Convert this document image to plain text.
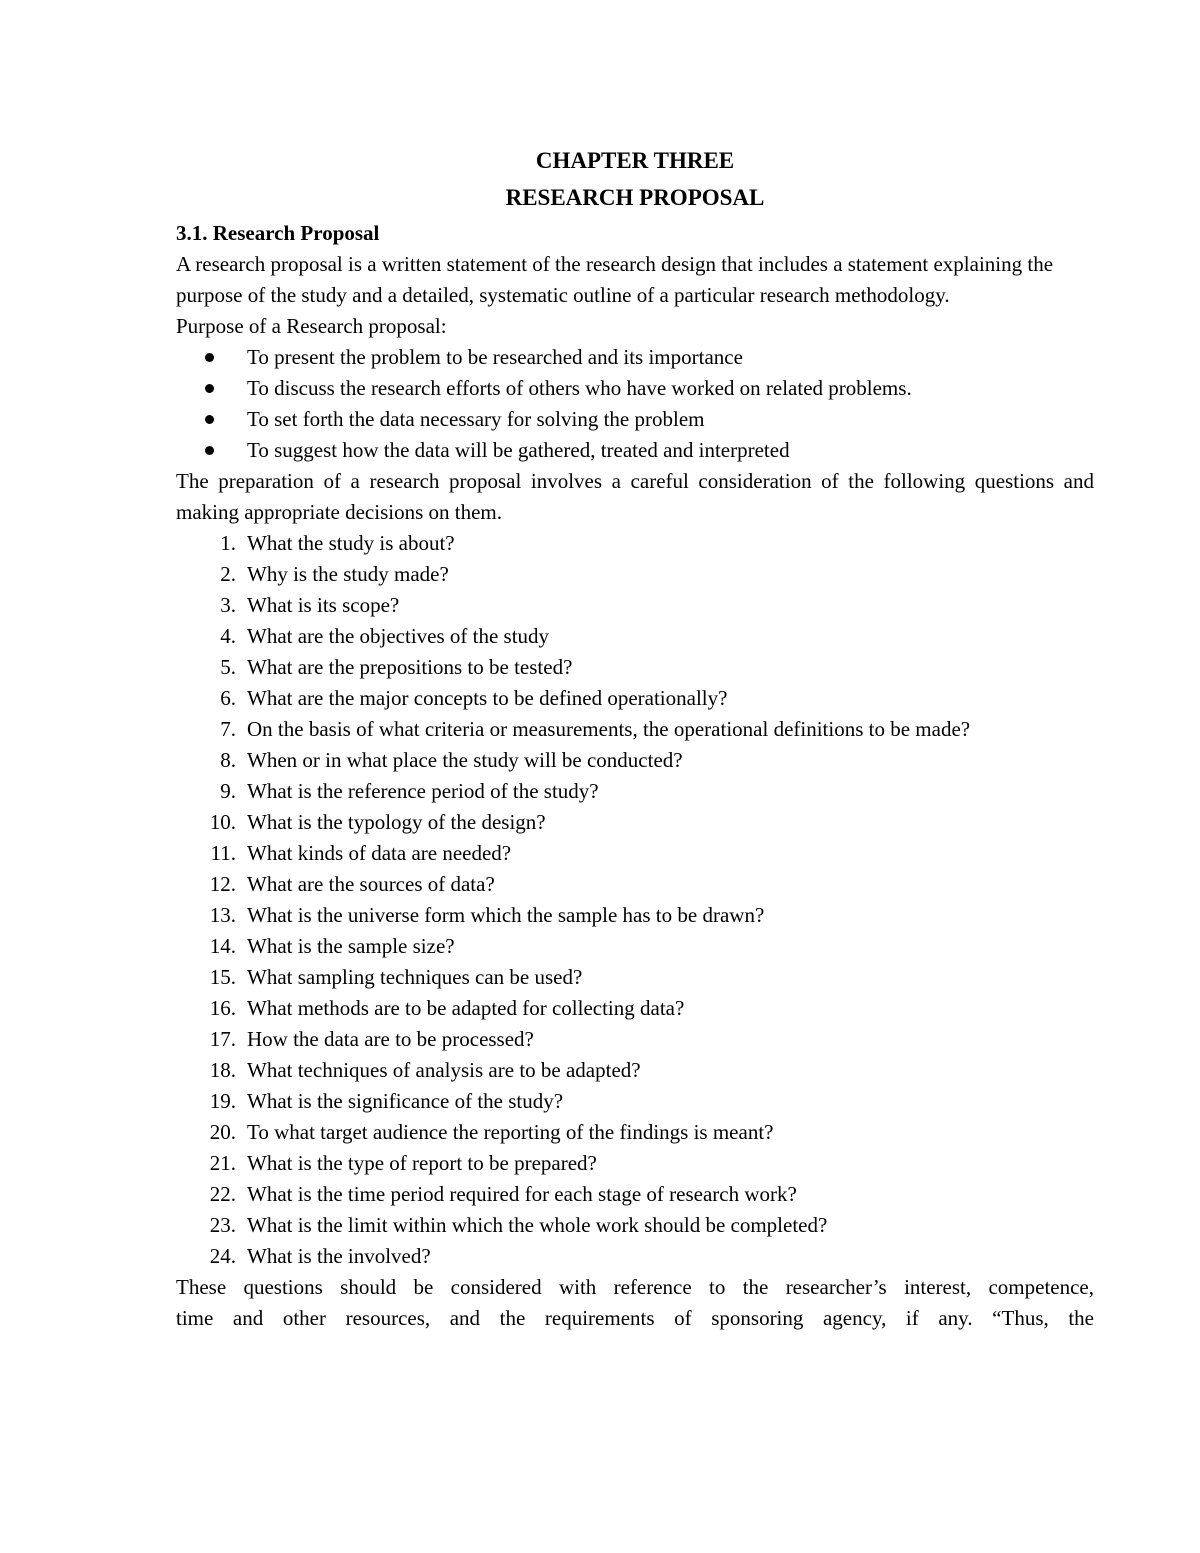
CHAPTER THREE
RESEARCH PROPOSAL

3.1. Research Proposal

A research proposal is a written statement of the research design that includes a statement explaining the purpose of the study and a detailed, systematic outline of a particular research methodology.

Purpose of a Research proposal:

To present the problem to be researched and its importance
To discuss the research efforts of others who have worked on related problems.
To set forth the data necessary for solving the problem
To suggest how the data will be gathered, treated and interpreted

The preparation of a research proposal involves a careful consideration of the following questions and making appropriate decisions on them.

1. What the study is about?
2. Why is the study made?
3. What is its scope?
4. What are the objectives of the study
5. What are the prepositions to be tested?
6. What are the major concepts to be defined operationally?
7. On the basis of what criteria or measurements, the operational definitions to be made?
8. When or in what place the study will be conducted?
9. What is the reference period of the study?
10. What is the typology of the design?
11. What kinds of data are needed?
12. What are the sources of data?
13. What is the universe form which the sample has to be drawn?
14. What is the sample size?
15. What sampling techniques can be used?
16. What methods are to be adapted for collecting data?
17. How the data are to be processed?
18. What techniques of analysis are to be adapted?
19. What is the significance of the study?
20. To what target audience the reporting of the findings is meant?
21. What is the type of report to be prepared?
22. What is the time period required for each stage of research work?
23. What is the limit within which the whole work should be completed?
24. What is the involved?

These questions should be considered with reference to the researcher’s interest, competence,

time and other resources, and the requirements of sponsoring agency, if any. “Thus, the
